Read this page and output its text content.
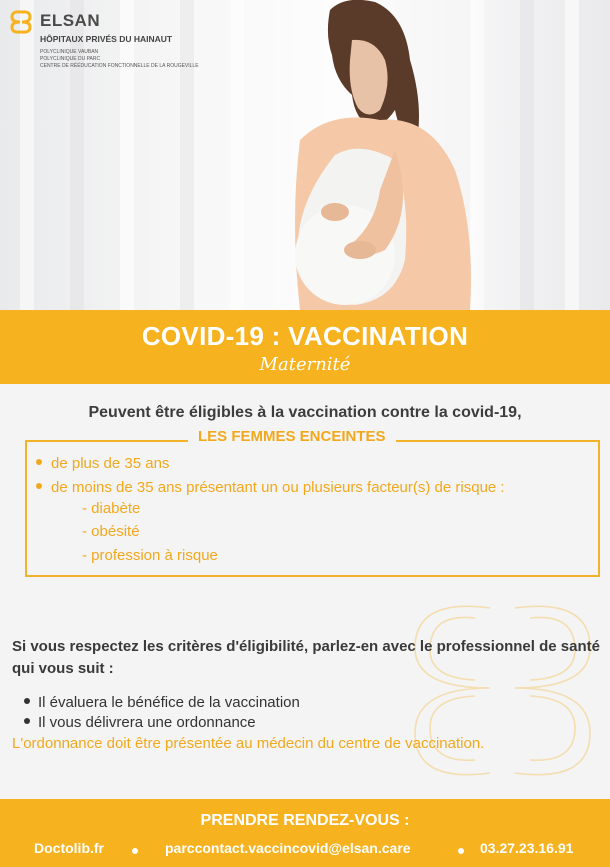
ELSAN
HÔPITAUX PRIVÉS DU HAINAUT
POLYCLINIQUE VAUBAN
POLYCLINIQUE DU PARC
CENTRE DE RÉÉDUCATION FONCTIONNELLE DE LA ROUGEVILLE
COVID-19 : VACCINATION
Maternité
Peuvent être éligibles à la vaccination contre la covid-19,
LES FEMMES ENCEINTES
de plus de 35 ans
de moins de 35 ans présentant un ou plusieurs facteur(s) de risque :
- diabète
- obésité
- profession à risque
Si vous respectez les critères d'éligibilité, parlez-en avec le professionnel de santé qui vous suit :
Il évaluera le bénéfice de la vaccination
Il vous délivrera une ordonnance
L'ordonnance doit être présentée au médecin du centre de vaccination.
PRENDRE RENDEZ-VOUS :
Doctolib.fr	parccontact.vaccincovid@elsan.care	03.27.23.16.91
